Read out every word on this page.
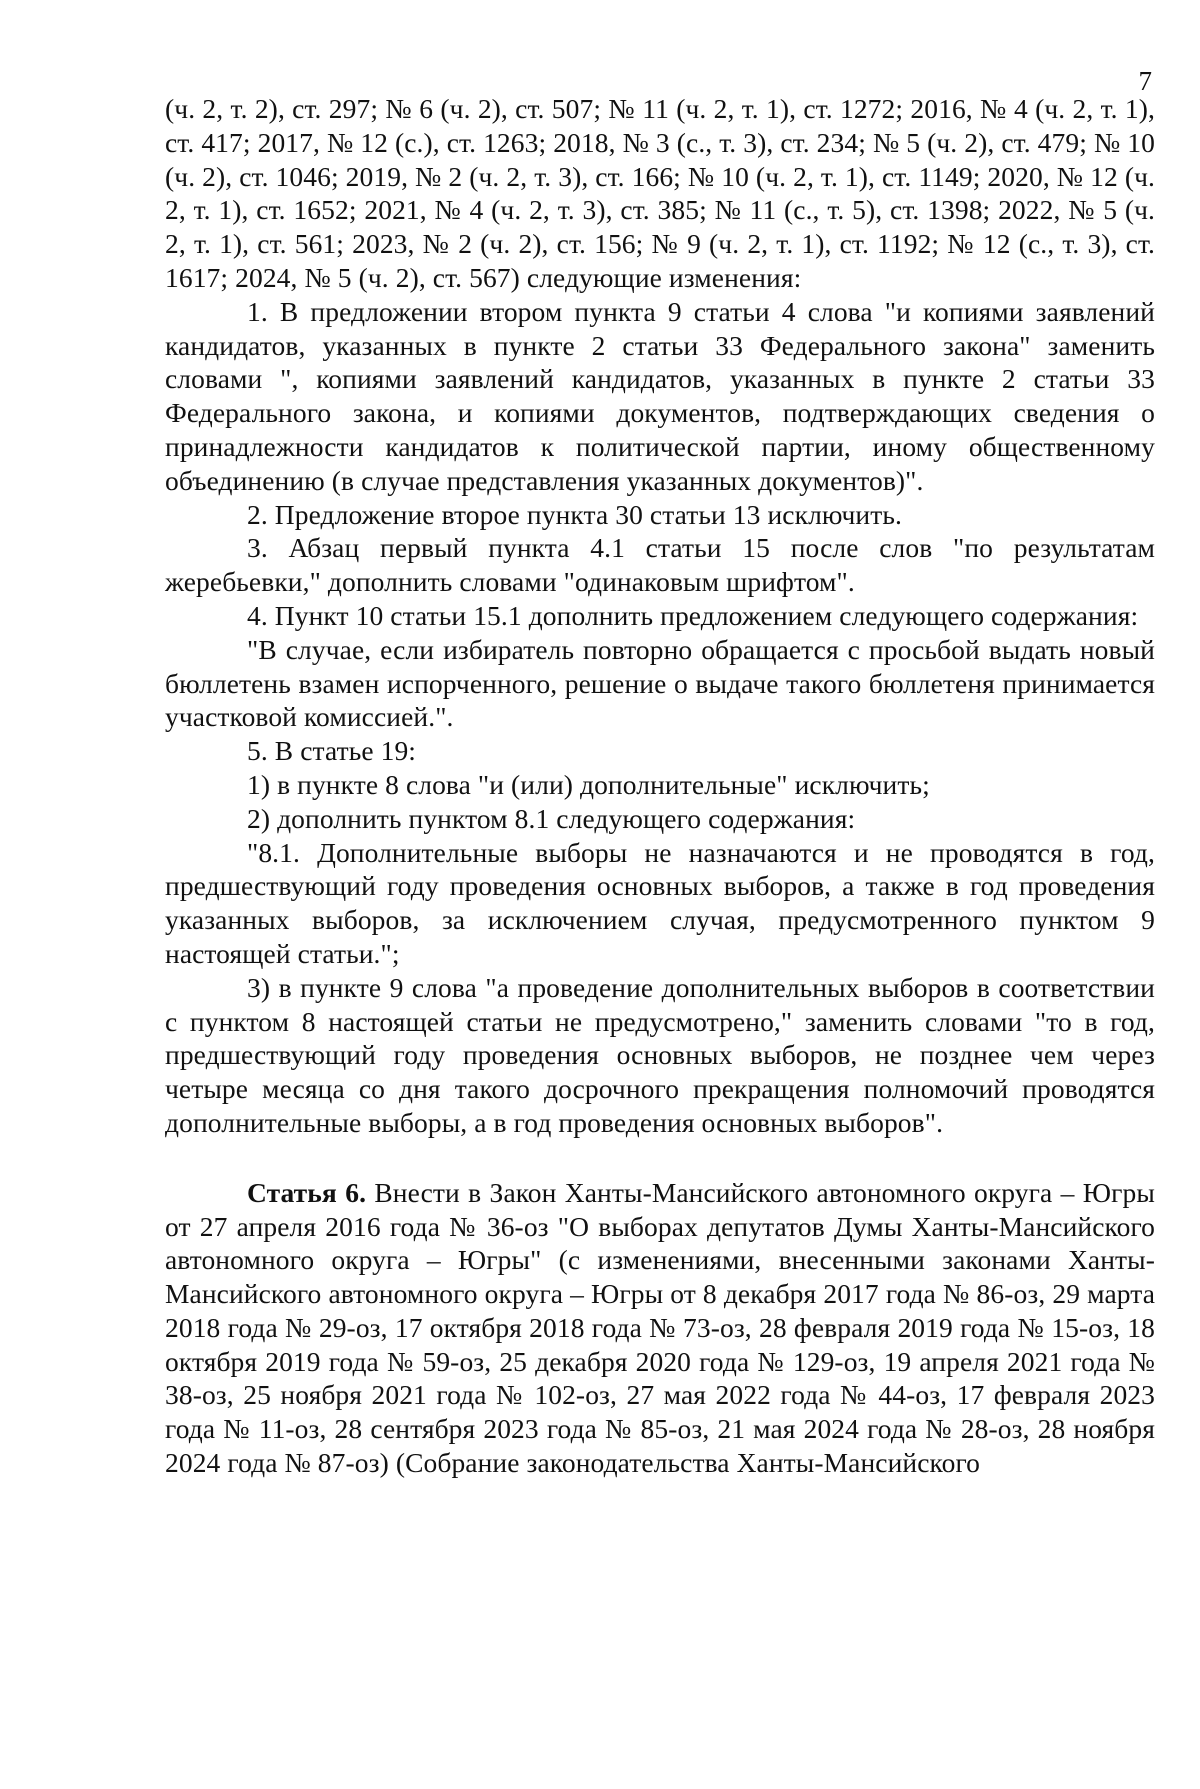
7

(ч. 2, т. 2), ст. 297; № 6 (ч. 2), ст. 507; № 11 (ч. 2, т. 1), ст. 1272; 2016, № 4 (ч. 2, т. 1), ст. 417; 2017, № 12 (с.), ст. 1263; 2018, № 3 (с., т. 3), ст. 234; № 5 (ч. 2), ст. 479; № 10 (ч. 2), ст. 1046; 2019, № 2 (ч. 2, т. 3), ст. 166; № 10 (ч. 2, т. 1), ст. 1149; 2020, № 12 (ч. 2, т. 1), ст. 1652; 2021, № 4 (ч. 2, т. 3), ст. 385; № 11 (с., т. 5), ст. 1398; 2022, № 5 (ч. 2, т. 1), ст. 561; 2023, № 2 (ч. 2), ст. 156; № 9 (ч. 2, т. 1), ст. 1192; № 12 (с., т. 3), ст. 1617; 2024, № 5 (ч. 2), ст. 567) следующие изменения:

1. В предложении втором пункта 9 статьи 4 слова "и копиями заявлений кандидатов, указанных в пункте 2 статьи 33 Федерального закона" заменить словами ", копиями заявлений кандидатов, указанных в пункте 2 статьи 33 Федерального закона, и копиями документов, подтверждающих сведения о принадлежности кандидатов к политической партии, иному общественному объединению (в случае представления указанных документов)".

2. Предложение второе пункта 30 статьи 13 исключить.

3. Абзац первый пункта 4.1 статьи 15 после слов "по результатам жеребьевки," дополнить словами "одинаковым шрифтом".

4. Пункт 10 статьи 15.1 дополнить предложением следующего содержания:

"В случае, если избиратель повторно обращается с просьбой выдать новый бюллетень взамен испорченного, решение о выдаче такого бюллетеня принимается участковой комиссией.".

5. В статье 19:

1) в пункте 8 слова "и (или) дополнительные" исключить;

2) дополнить пунктом 8.1 следующего содержания:

"8.1. Дополнительные выборы не назначаются и не проводятся в год, предшествующий году проведения основных выборов, а также в год проведения указанных выборов, за исключением случая, предусмотренного пунктом 9 настоящей статьи.";

3) в пункте 9 слова "а проведение дополнительных выборов в соответствии с пунктом 8 настоящей статьи не предусмотрено," заменить словами "то в год, предшествующий году проведения основных выборов, не позднее чем через четыре месяца со дня такого досрочного прекращения полномочий проводятся дополнительные выборы, а в год проведения основных выборов".

Статья 6. Внести в Закон Ханты-Мансийского автономного округа – Югры от 27 апреля 2016 года № 36-оз "О выборах депутатов Думы Ханты-Мансийского автономного округа – Югры" (с изменениями, внесенными законами Ханты-Мансийского автономного округа – Югры от 8 декабря 2017 года № 86-оз, 29 марта 2018 года № 29-оз, 17 октября 2018 года № 73-оз, 28 февраля 2019 года № 15-оз, 18 октября 2019 года № 59-оз, 25 декабря 2020 года № 129-оз, 19 апреля 2021 года № 38-оз, 25 ноября 2021 года № 102-оз, 27 мая 2022 года № 44-оз, 17 февраля 2023 года № 11-оз, 28 сентября 2023 года № 85-оз, 21 мая 2024 года № 28-оз, 28 ноября 2024 года № 87-оз) (Собрание законодательства Ханты-Мансийского
